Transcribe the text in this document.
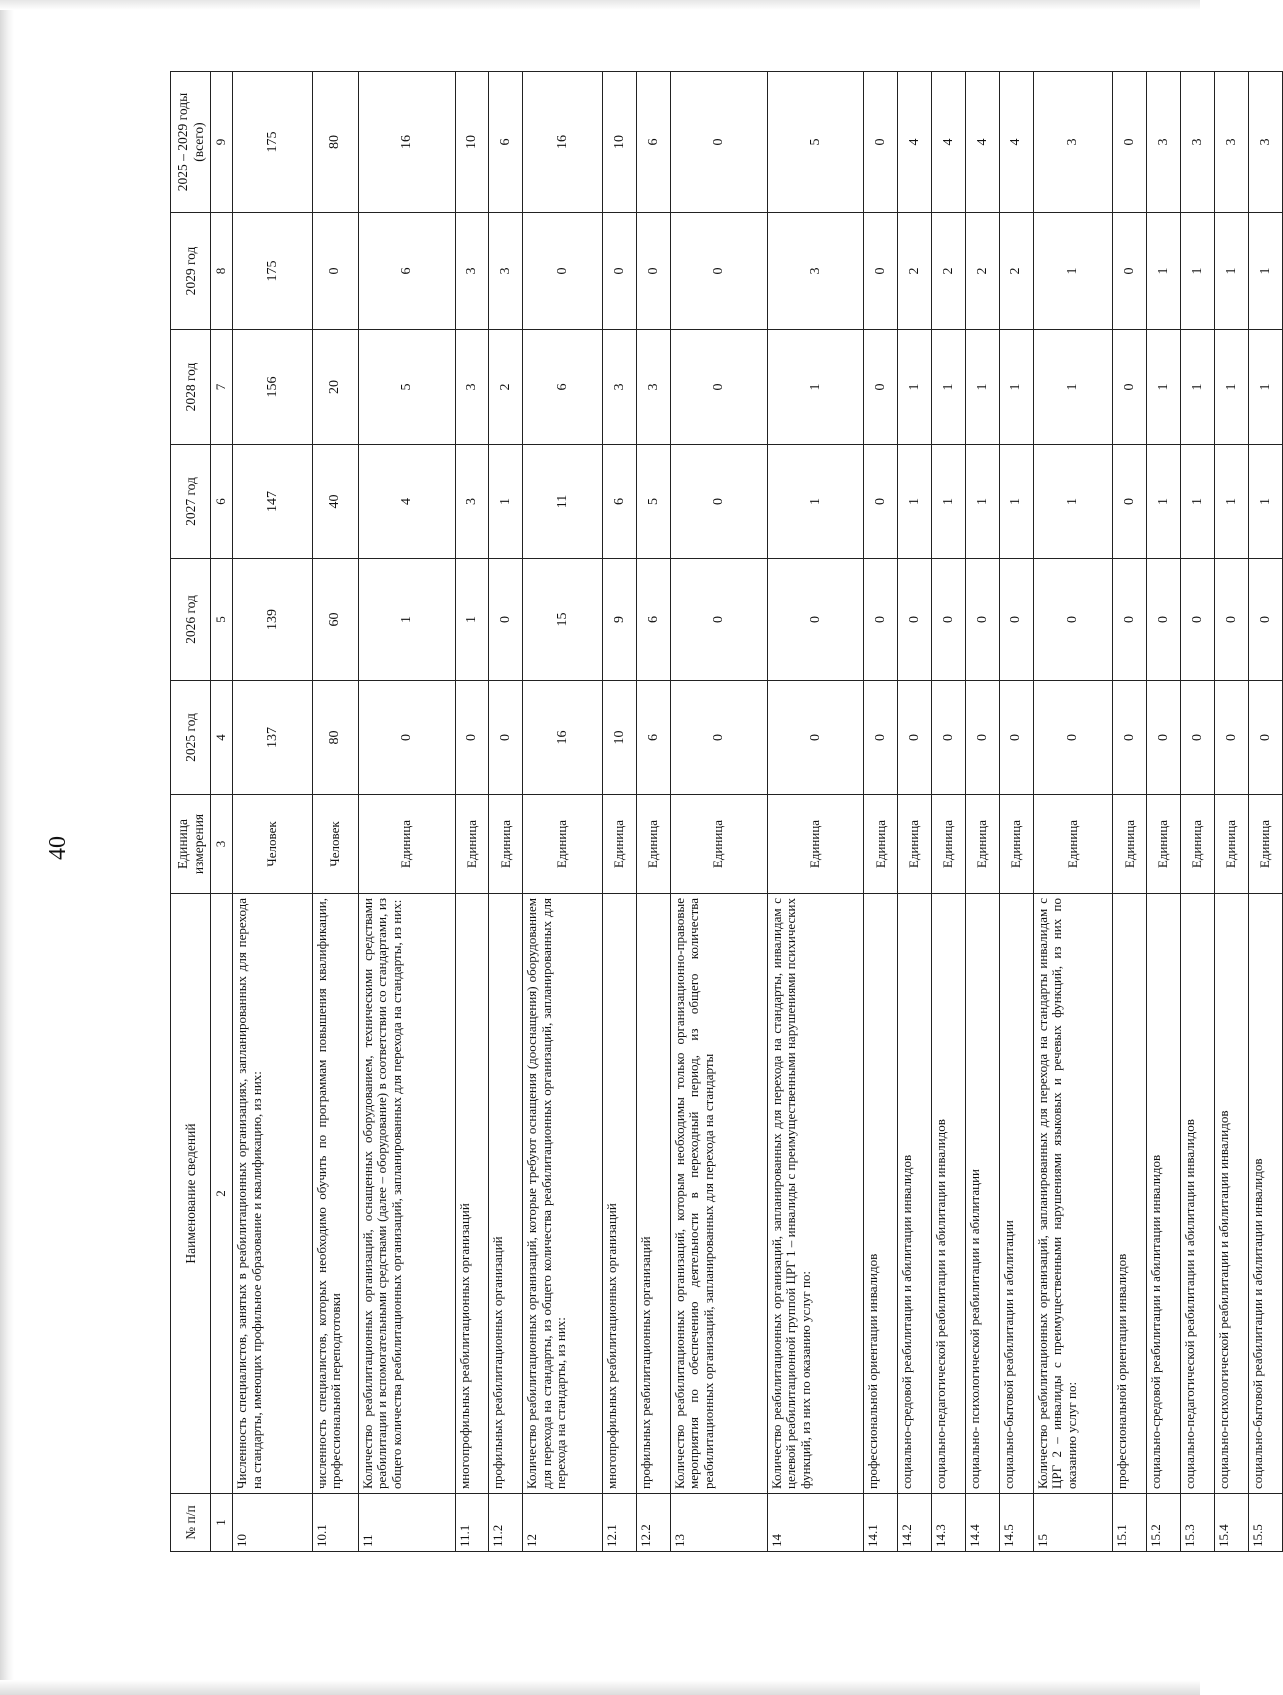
40
№ п/п	Наименование сведений	Единица измерения	2025 год	2026 год	2027 год	2028 год	2029 год	2025 – 2029 годы (всего)
1	2	3	4	5	6	7	8	9
10	Численность специалистов, занятых в реабилитационных организациях, запланированных для перехода на стандарты, имеющих профильное образование и квалификацию, из них:	Человек	137	139	147	156	175	175
10.1	численность специалистов, которых необходимо обучить по программам повышения квалификации, профессиональной переподготовки	Человек	80	60	40	20	0	80
11	Количество реабилитационных организаций, оснащенных оборудованием, техническими средствами реабилитации и вспомогательными средствами (далее – оборудование) в соответствии со стандартами, из общего количества реабилитационных организаций, запланированных для перехода на стандарты, из них:	Единица	0	1	4	5	6	16
11.1	многопрофильных реабилитационных организаций	Единица	0	1	3	3	3	10
11.2	профильных реабилитационных организаций	Единица	0	0	1	2	3	6
12	Количество реабилитационных организаций, которые требуют оснащения (дооснащения) оборудованием для перехода на стандарты, из общего количества реабилитационных организаций, запланированных для перехода на стандарты, из них:	Единица	16	15	11	6	0	16
12.1	многопрофильных реабилитационных организаций	Единица	10	9	6	3	0	10
12.2	профильных реабилитационных организаций	Единица	6	6	5	3	0	6
13	Количество реабилитационных организаций, которым необходимы только организационно-правовые мероприятия по обеспечению деятельности в переходный период, из общего количества реабилитационных организаций, запланированных для перехода на стандарты	Единица	0	0	0	0	0	0
14	Количество реабилитационных организаций, запланированных для перехода на стандарты, инвалидам с целевой реабилитационной группой ЦРГ 1 – инвалиды с преимущественными нарушениями психических функций, из них по оказанию услуг по:	Единица	0	0	1	1	3	5
14.1	профессиональной ориентации инвалидов	Единица	0	0	0	0	0	0
14.2	социально-средовой реабилитации и абилитации инвалидов	Единица	0	0	1	1	2	4
14.3	социально-педагогической реабилитации и абилитации инвалидов	Единица	0	0	1	1	2	4
14.4	социально- психологической реабилитации и абилитации	Единица	0	0	1	1	2	4
14.5	социально-бытовой реабилитации и абилитации	Единица	0	0	1	1	2	4
15	Количество реабилитационных организаций, запланированных для перехода на стандарты инвалидам с ЦРГ 2 – инвалиды с преимущественными нарушениями языковых и речевых функций, из них по оказанию услуг по:	Единица	0	0	1	1	1	3
15.1	профессиональной ориентации инвалидов	Единица	0	0	0	0	0	0
15.2	социально-средовой реабилитации и абилитации инвалидов	Единица	0	0	1	1	1	3
15.3	социально-педагогической реабилитации и абилитации инвалидов	Единица	0	0	1	1	1	3
15.4	социально-психологической реабилитации и абилитации инвалидов	Единица	0	0	1	1	1	3
15.5	социально-бытовой реабилитации и абилитации инвалидов	Единица	0	0	1	1	1	3
